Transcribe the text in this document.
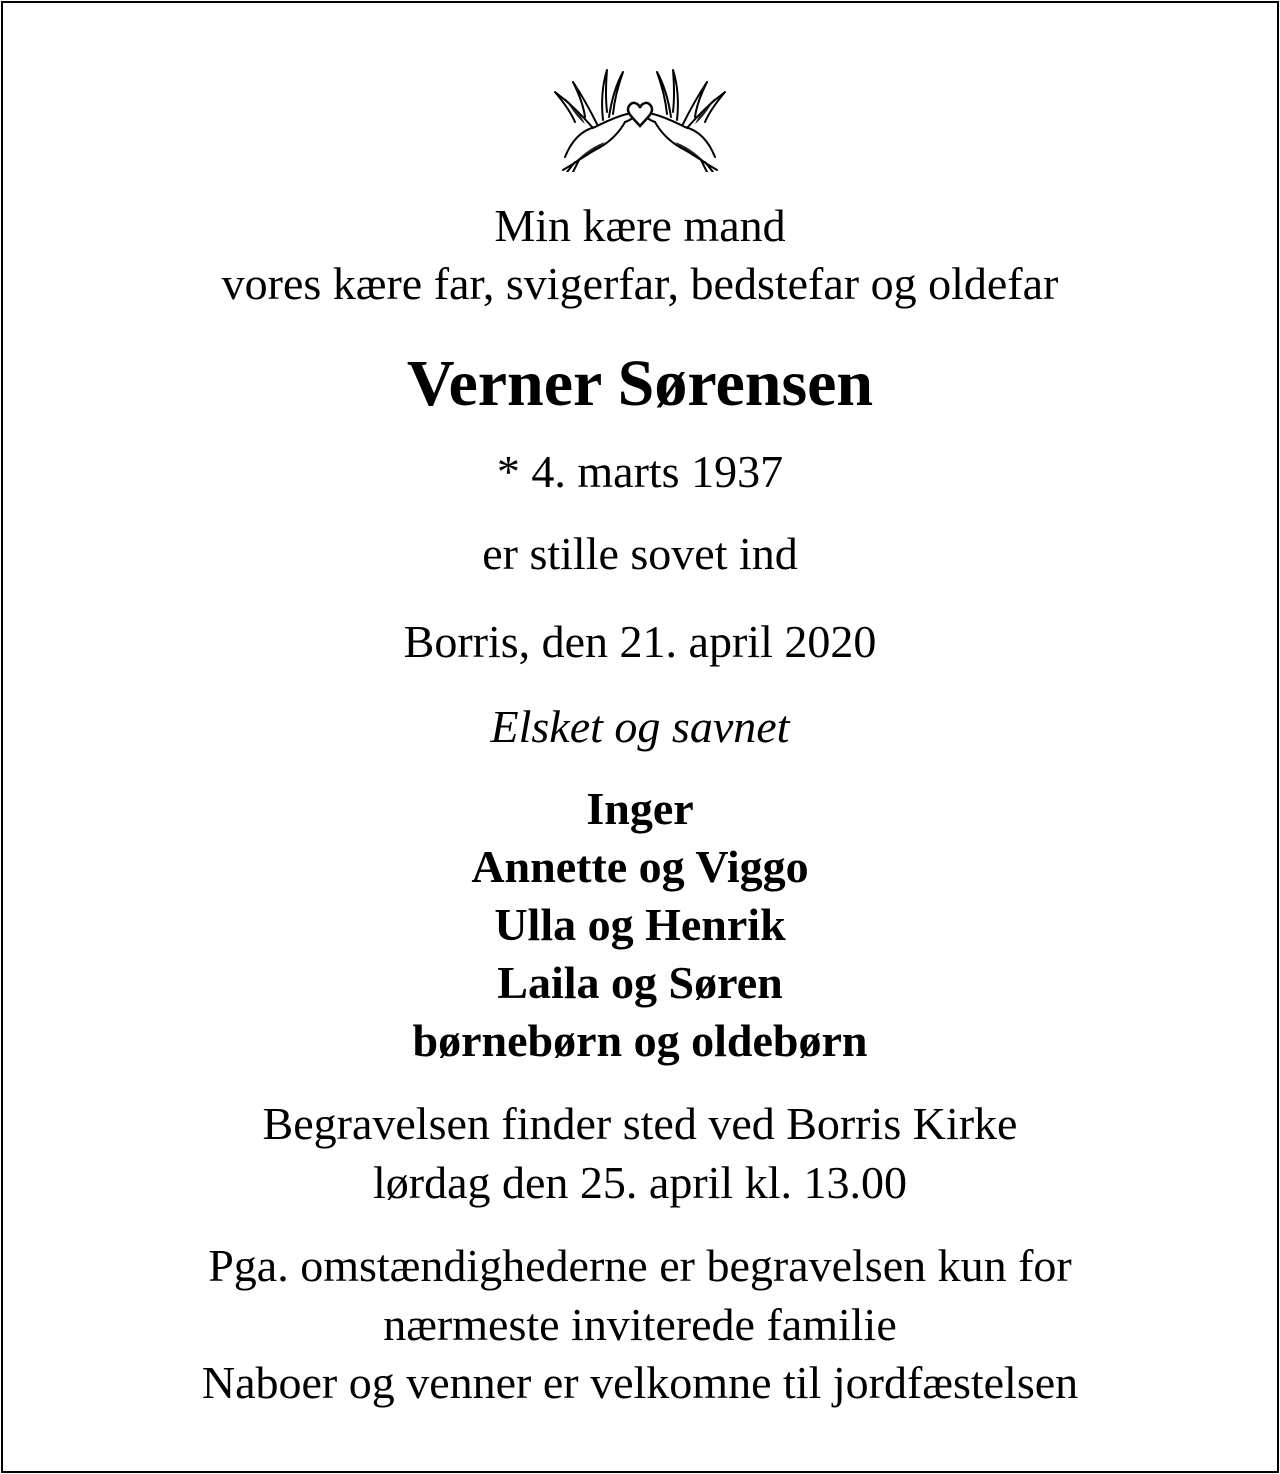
Min kære mand
vores kære far, svigerfar, bedstefar og oldefar
Verner Sørensen
* 4. marts 1937
er stille sovet ind
Borris, den 21. april 2020
Elsket og savnet
Inger
Annette og Viggo
Ulla og Henrik
Laila og Søren
børnebørn og oldebørn
Begravelsen finder sted ved Borris Kirke
lørdag den 25. april kl. 13.00
Pga. omstændighederne er begravelsen kun for
nærmeste inviterede familie
Naboer og venner er velkomne til jordfæstelsen
